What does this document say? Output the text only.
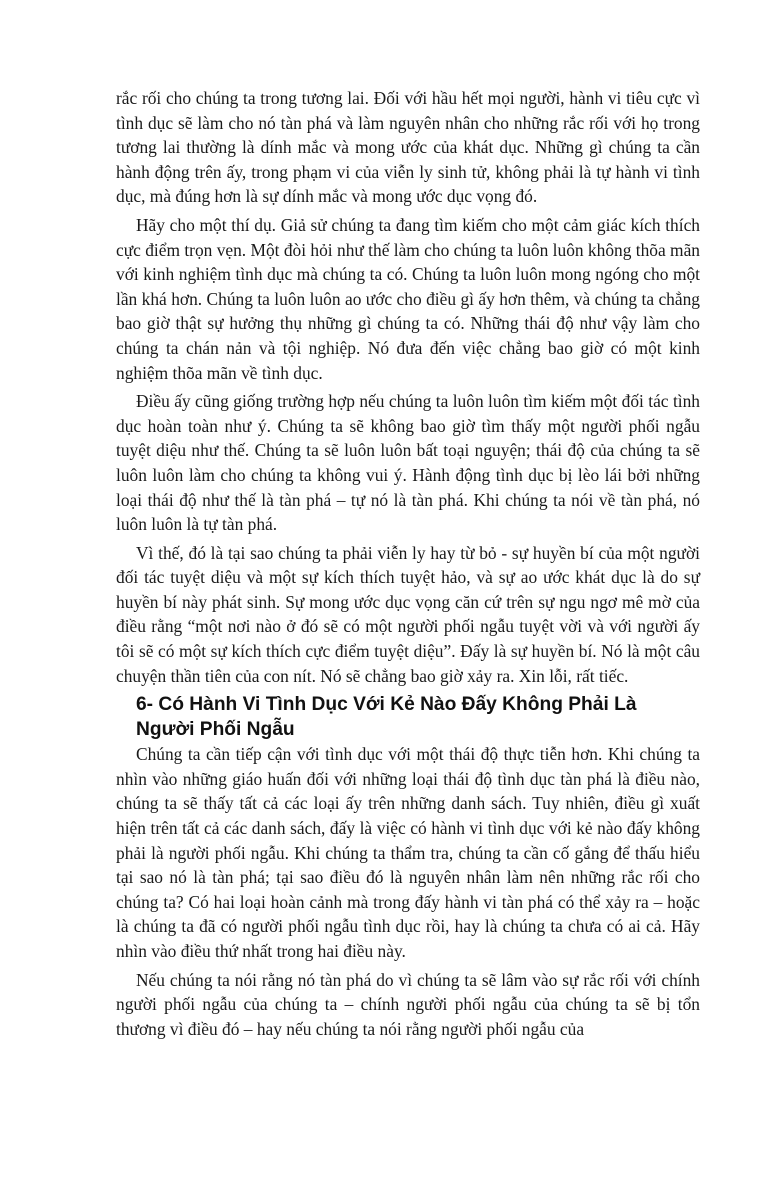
rắc rối cho chúng ta trong tương lai. Đối với hầu hết mọi người, hành vi tiêu cực vì tình dục sẽ làm cho nó tàn phá và làm nguyên nhân cho những rắc rối với họ trong tương lai thường là dính mắc và mong ước của khát dục. Những gì chúng ta cần hành động trên ấy, trong phạm vi của viễn ly sinh tử, không phải là tự hành vi tình dục, mà đúng hơn là sự dính mắc và mong ước dục vọng đó.

Hãy cho một thí dụ. Giả sử chúng ta đang tìm kiếm cho một cảm giác kích thích cực điểm trọn vẹn. Một đòi hỏi như thế làm cho chúng ta luôn luôn không thõa mãn với kinh nghiệm tình dục mà chúng ta có. Chúng ta luôn luôn mong ngóng cho một lần khá hơn. Chúng ta luôn luôn ao ước cho điều gì ấy hơn thêm, và chúng ta chẳng bao giờ thật sự hưởng thụ những gì chúng ta có. Những thái độ như vậy làm cho chúng ta chán nản và tội nghiệp. Nó đưa đến việc chẳng bao giờ có một kinh nghiệm thõa mãn về tình dục.

Điều ấy cũng giống trường hợp nếu chúng ta luôn luôn tìm kiếm một đối tác tình dục hoàn toàn như ý. Chúng ta sẽ không bao giờ tìm thấy một người phối ngẫu tuyệt diệu như thế. Chúng ta sẽ luôn luôn bất toại nguyện; thái độ của chúng ta sẽ luôn luôn làm cho chúng ta không vui ý. Hành động tình dục bị lèo lái bởi những loại thái độ như thế là tàn phá – tự nó là tàn phá. Khi chúng ta nói về tàn phá, nó luôn luôn là tự tàn phá.

Vì thế, đó là tại sao chúng ta phải viễn ly hay từ bỏ - sự huyền bí của một người đối tác tuyệt diệu và một sự kích thích tuyệt hảo, và sự ao ước khát dục là do sự huyền bí này phát sinh. Sự mong ước dục vọng căn cứ trên sự ngu ngơ mê mờ của điều rằng “một nơi nào ở đó sẽ có một người phối ngẫu tuyệt vời và với người ấy tôi sẽ có một sự kích thích cực điểm tuyệt diệu”. Đấy là sự huyền bí. Nó là một câu chuyện thần tiên của con nít. Nó sẽ chẳng bao giờ xảy ra. Xin lỗi, rất tiếc.

6- Có Hành Vi Tình Dục Với Kẻ Nào Đấy Không Phải Là Người Phối Ngẫu

Chúng ta cần tiếp cận với tình dục với một thái độ thực tiễn hơn. Khi chúng ta nhìn vào những giáo huấn đối với những loại thái độ tình dục tàn phá là điều nào, chúng ta sẽ thấy tất cả các loại ấy trên những danh sách. Tuy nhiên, điều gì xuất hiện trên tất cả các danh sách, đấy là việc có hành vi tình dục với kẻ nào đấy không phải là người phối ngẫu. Khi chúng ta thẩm tra, chúng ta cần cố gắng để thấu hiểu tại sao nó là tàn phá; tại sao điều đó là nguyên nhân làm nên những rắc rối cho chúng ta? Có hai loại hoàn cảnh mà trong đấy hành vi tàn phá có thể xảy ra – hoặc là chúng ta đã có người phối ngẫu tình dục rồi, hay là chúng ta chưa có ai cả. Hãy nhìn vào điều thứ nhất trong hai điều này.

Nếu chúng ta nói rằng nó tàn phá do vì chúng ta sẽ lâm vào sự rắc rối với chính người phối ngẫu của chúng ta – chính người phối ngẫu của chúng ta sẽ bị tổn thương vì điều đó – hay nếu chúng ta nói rằng người phối ngẫu của
